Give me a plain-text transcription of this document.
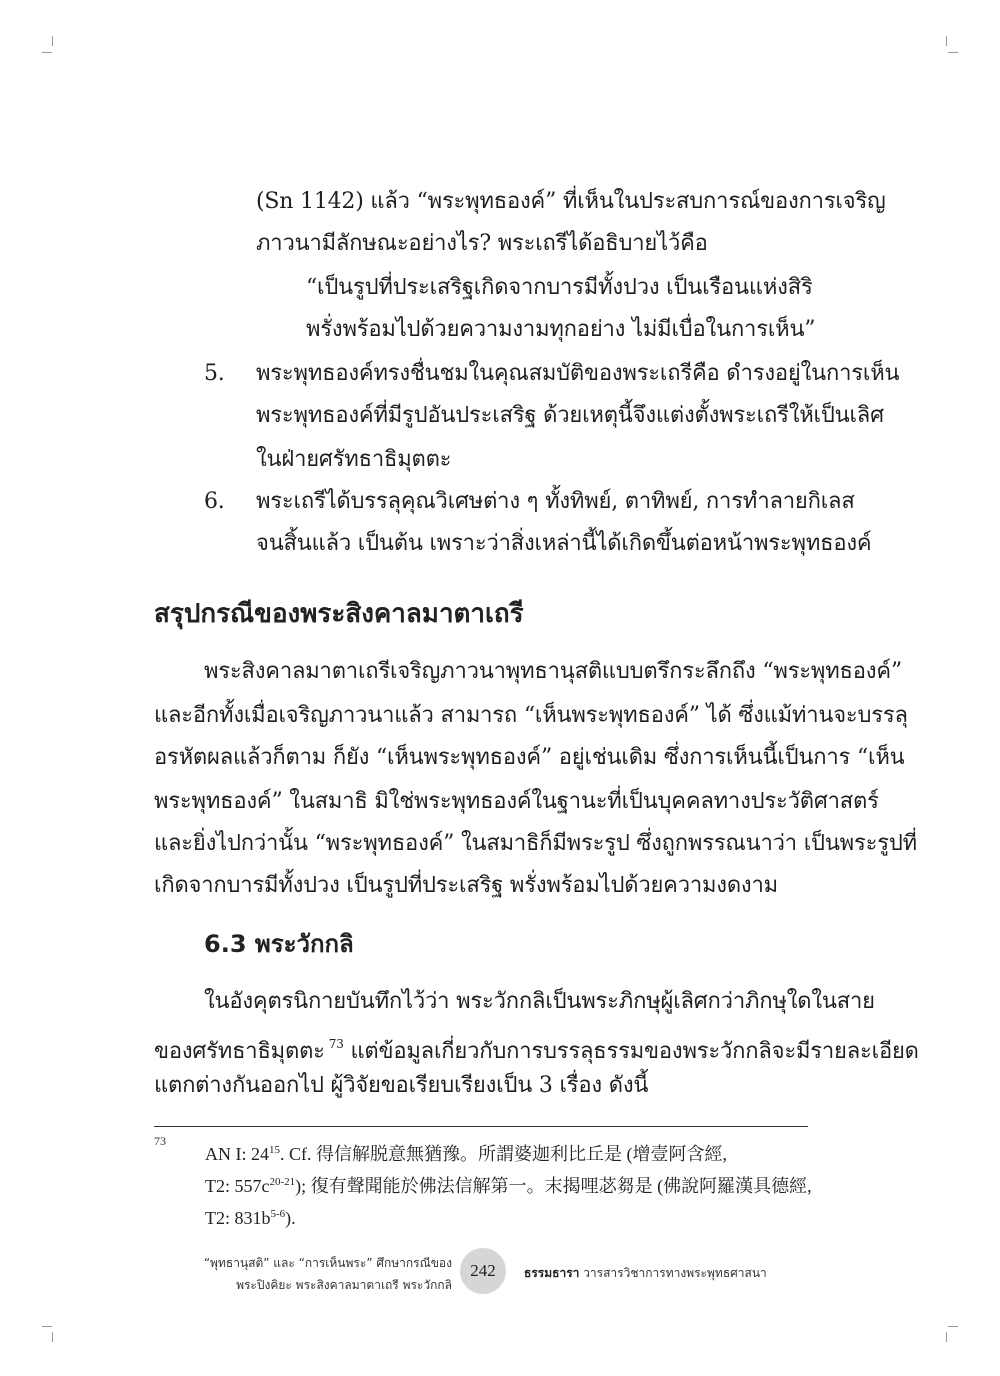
(Sn 1142) แล้ว “พระพุทธองค์” ที่เห็นในประสบการณ์ของการเจริญ
ภาวนามีลักษณะอย่างไร? พระเถรีได้อธิบายไว้คือ
“เป็นรูปที่ประเสริฐเกิดจากบารมีทั้งปวง เป็นเรือนแห่งสิริ
พรั่งพร้อมไปด้วยความงามทุกอย่าง ไม่มีเบื่อในการเห็น”
5. พระพุทธองค์ทรงชื่นชมในคุณสมบัติของพระเถรีคือ ดำรงอยู่ในการเห็น
พระพุทธองค์ที่มีรูปอันประเสริฐ ด้วยเหตุนี้จึงแต่งตั้งพระเถรีให้เป็นเลิศ
ในฝ่ายศรัทธาธิมุตตะ
6. พระเถรีได้บรรลุคุณวิเศษต่าง ๆ ทั้งทิพย์, ตาทิพย์, การทำลายกิเลส
จนสิ้นแล้ว เป็นต้น เพราะว่าสิ่งเหล่านี้ได้เกิดขึ้นต่อหน้าพระพุทธองค์
สรุปกรณีของพระสิงคาลมาตาเถรี
พระสิงคาลมาตาเถรีเจริญภาวนาพุทธานุสติแบบตรึกระลึกถึง “พระพุทธองค์”
และอีกทั้งเมื่อเจริญภาวนาแล้ว สามารถ “เห็นพระพุทธองค์” ได้ ซึ่งแม้ท่านจะบรรลุ
อรหัตผลแล้วก็ตาม ก็ยัง “เห็นพระพุทธองค์” อยู่เช่นเดิม ซึ่งการเห็นนี้เป็นการ “เห็น
พระพุทธองค์” ในสมาธิ มิใช่พระพุทธองค์ในฐานะที่เป็นบุคคลทางประวัติศาสตร์
และยิ่งไปกว่านั้น “พระพุทธองค์” ในสมาธิก็มีพระรูป ซึ่งถูกพรรณนาว่า เป็นพระรูปที่
เกิดจากบารมีทั้งปวง เป็นรูปที่ประเสริฐ พรั่งพร้อมไปด้วยความงดงาม
6.3 พระวักกลิ
ในอังคุตรนิกายบันทึกไว้ว่า พระวักกลิเป็นพระภิกษุผู้เลิศกว่าภิกษุใดในสาย
ของศรัทธาธิมุตตะ $^{73}$ แต่ข้อมูลเกี่ยวกับการบรรลุธรรมของพระวักกลิจะมีรายละเอียด
แตกต่างกันออกไป ผู้วิจัยขอเรียบเรียงเป็น 3 เรื่อง ดังนี้
73
AN I: $24^{15}$. Cf. 得信解脱意無猶豫。所謂婆迦利比丘是 (增壹阿含經,
T2: $557c^{20-21}$); 復有聲聞能於佛法信解第一。末揭哩苾芻是 (佛說阿羅漢具德經,
T2: $831b^{5-6}$).
“พุทธานุสติ” และ “การเห็นพระ” ศึกษากรณีของ
พระปิงคิยะ พระสิงคาลมาตาเถรี พระวักกลิ
242 ธรรมธารา วารสารวิชาการทางพระพุทธศาสนา
